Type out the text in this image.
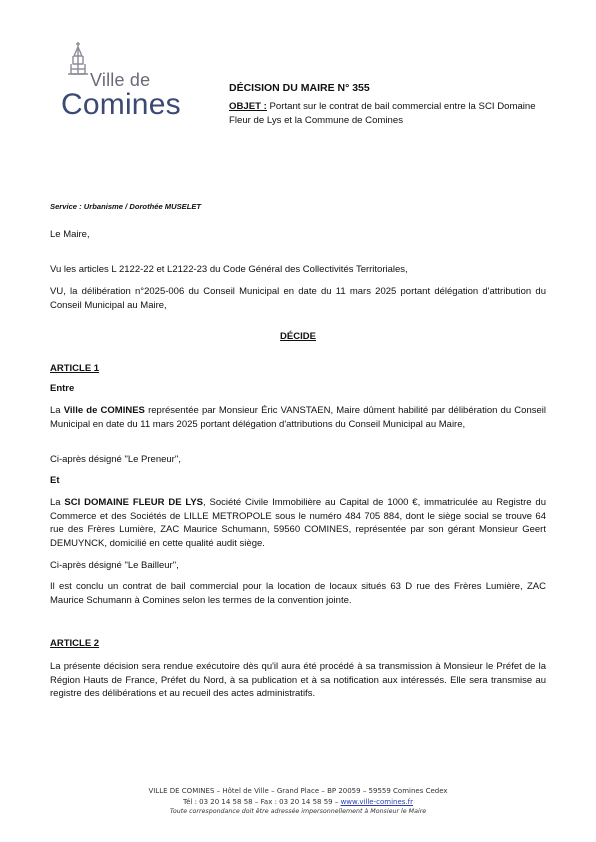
Ville de
Comines	DÉCISION DU MAIRE N° 355
OBJET : Portant sur le contrat de bail commercial entre la SCI Domaine Fleur de Lys et la Commune de Comines
Service : Urbanisme / Dorothée MUSELET
Le Maire,
Vu les articles L 2122-22 et L2122-23 du Code Général des Collectivités Territoriales,
VU, la délibération n°2025-006 du Conseil Municipal en date du 11 mars 2025 portant délégation d'attribution du Conseil Municipal au Maire,
DÉCIDE
ARTICLE 1
Entre
La Ville de COMINES représentée par Monsieur Éric VANSTAEN, Maire dûment habilité par délibération du Conseil Municipal en date du 11 mars 2025 portant délégation d'attributions du Conseil Municipal au Maire,
Ci-après désigné "Le Preneur",
Et
La SCI DOMAINE FLEUR DE LYS, Société Civile Immobilière au Capital de 1000 €, immatriculée au Registre du Commerce et des Sociétés de LILLE METROPOLE sous le numéro 484 705 884, dont le siège social se trouve 64 rue des Frères Lumière, ZAC Maurice Schumann, 59560 COMINES, représentée par son gérant Monsieur Geert DEMUYNCK, domicilié en cette qualité audit siège.
Ci-après désigné "Le Bailleur",
Il est conclu un contrat de bail commercial pour la location de locaux situés 63 D rue des Frères Lumière, ZAC Maurice Schumann à Comines selon les termes de la convention jointe.
ARTICLE 2
La présente décision sera rendue exécutoire dès qu'il aura été procédé à sa transmission à Monsieur le Préfet de la Région Hauts de France, Préfet du Nord, à sa publication et à sa notification aux intéressés. Elle sera transmise au registre des délibérations et au recueil des actes administratifs.
VILLE DE COMINES – Hôtel de Ville – Grand Place – BP 20059 – 59559 Comines Cedex
Tél : 03 20 14 58 58 – Fax : 03 20 14 58 59 – www.ville-comines.fr
Toute correspondance doit être adressée impersonnellement à Monsieur le Maire
